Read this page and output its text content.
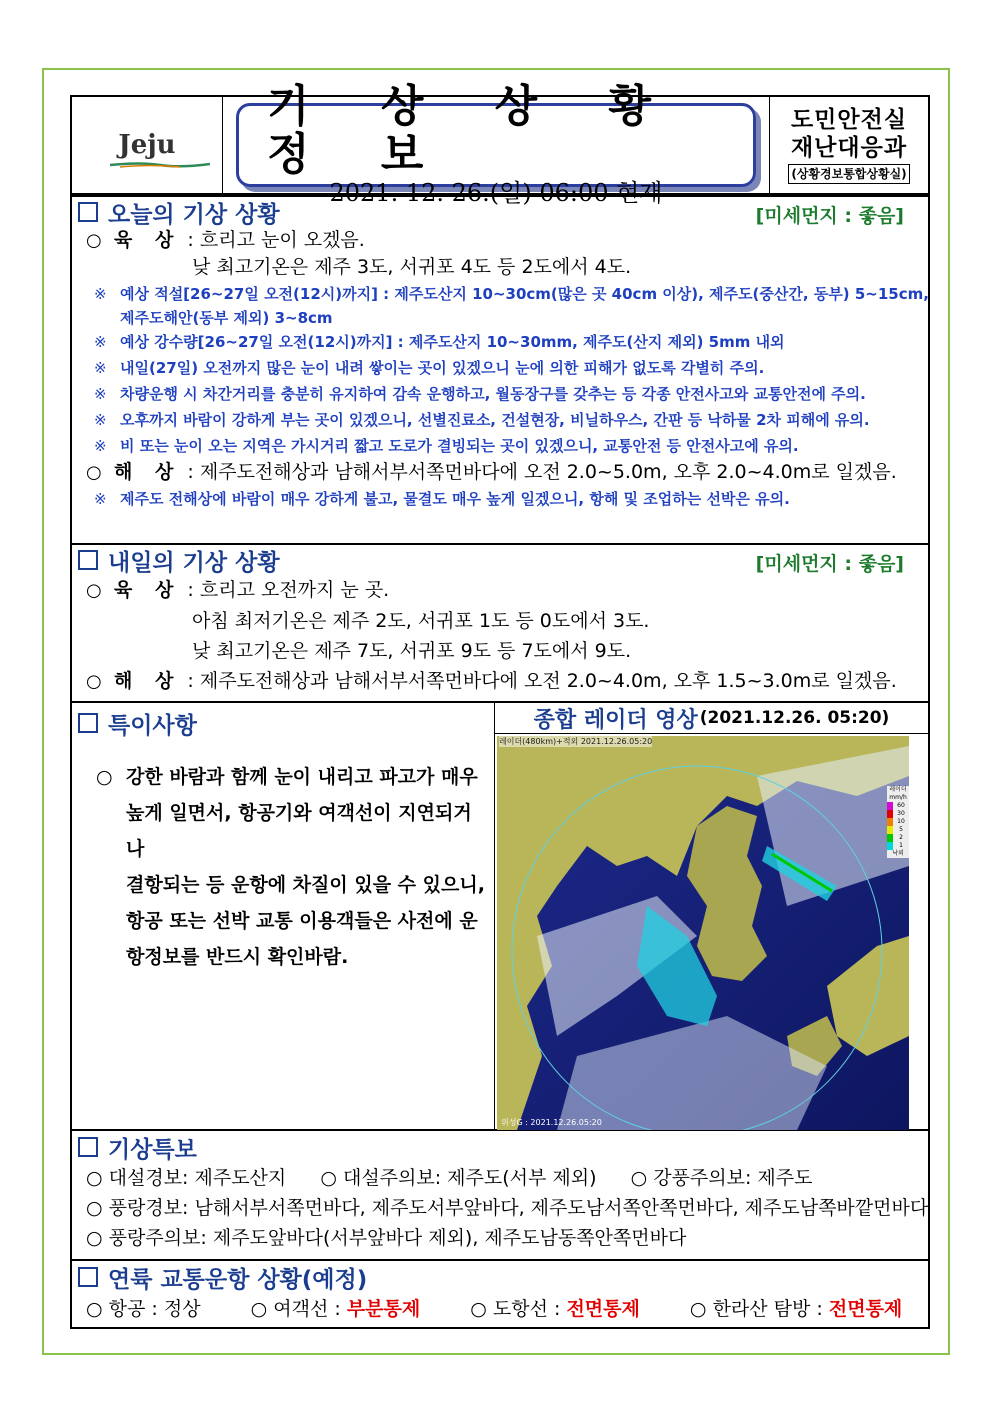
Jeju
기 상 상 황 정 보
- 2021. 12. 26.(일) 06:00 현재 -
도민안전실
재난대응과
(상황경보통합상황실)
오늘의 기상 상황	[미세먼지 : 좋음]
○ 육 상 : 흐리고 눈이 오겠음.
낮 최고기온은 제주 3도, 서귀포 4도 등 2도에서 4도.
※ 예상 적설[26~27일 오전(12시)까지] : 제주도산지 10~30cm(많은 곳 40cm 이상), 제주도(중산간, 동부) 5~15cm,
제주도해안(동부 제외) 3~8cm
※ 예상 강수량[26~27일 오전(12시)까지] : 제주도산지 10~30mm, 제주도(산지 제외) 5mm 내외
※ 내일(27일) 오전까지 많은 눈이 내려 쌓이는 곳이 있겠으니 눈에 의한 피해가 없도록 각별히 주의.
※ 차량운행 시 차간거리를 충분히 유지하여 감속 운행하고, 월동장구를 갖추는 등 각종 안전사고와 교통안전에 주의.
※ 오후까지 바람이 강하게 부는 곳이 있겠으니, 선별진료소, 건설현장, 비닐하우스, 간판 등 낙하물 2차 피해에 유의.
※ 비 또는 눈이 오는 지역은 가시거리 짧고 도로가 결빙되는 곳이 있겠으니, 교통안전 등 안전사고에 유의.
○ 해 상 : 제주도전해상과 남해서부서쪽먼바다에 오전 2.0~5.0m, 오후 2.0~4.0m로 일겠음.
※ 제주도 전해상에 바람이 매우 강하게 불고, 물결도 매우 높게 일겠으니, 항해 및 조업하는 선박은 유의.
내일의 기상 상황	[미세먼지 : 좋음]
○ 육 상 : 흐리고 오전까지 눈 곳.
아침 최저기온은 제주 2도, 서귀포 1도 등 0도에서 3도.
낮 최고기온은 제주 7도, 서귀포 9도 등 7도에서 9도.
○ 해 상 : 제주도전해상과 남해서부서쪽먼바다에 오전 2.0~4.0m, 오후 1.5~3.0m로 일겠음.
특이사항
○ 강한 바람과 함께 눈이 내리고 파고가 매우

높게 일면서, 항공기와 여객선이 지연되거나

결항되는 등 운항에 차질이 있을 수 있으니,

항공 또는 선박 교통 이용객들은 사전에 운

항정보를 반드시 확인바람.

종합 레이더 영상 (2021.12.26. 05:20)
레이더(480km)+적외 2021.12.26.05:20
위성G : 2021.12.26.05:20
레이더
mm/h
60
30
10
5
2
1
낙뢰
기상특보
○ 대설경보: 제주도산지 ○ 대설주의보: 제주도(서부 제외) ○ 강풍주의보: 제주도
○ 풍랑경보: 남해서부서쪽먼바다, 제주도서부앞바다, 제주도남서쪽안쪽먼바다, 제주도남쪽바깥먼바다
○ 풍랑주의보: 제주도앞바다(서부앞바다 제외), 제주도남동쪽안쪽먼바다
연륙 교통운항 상황(예정)
○ 항공 : 정상	○ 여객선 : 부분통제	○ 도항선 : 전면통제	○ 한라산 탐방 : 전면통제
